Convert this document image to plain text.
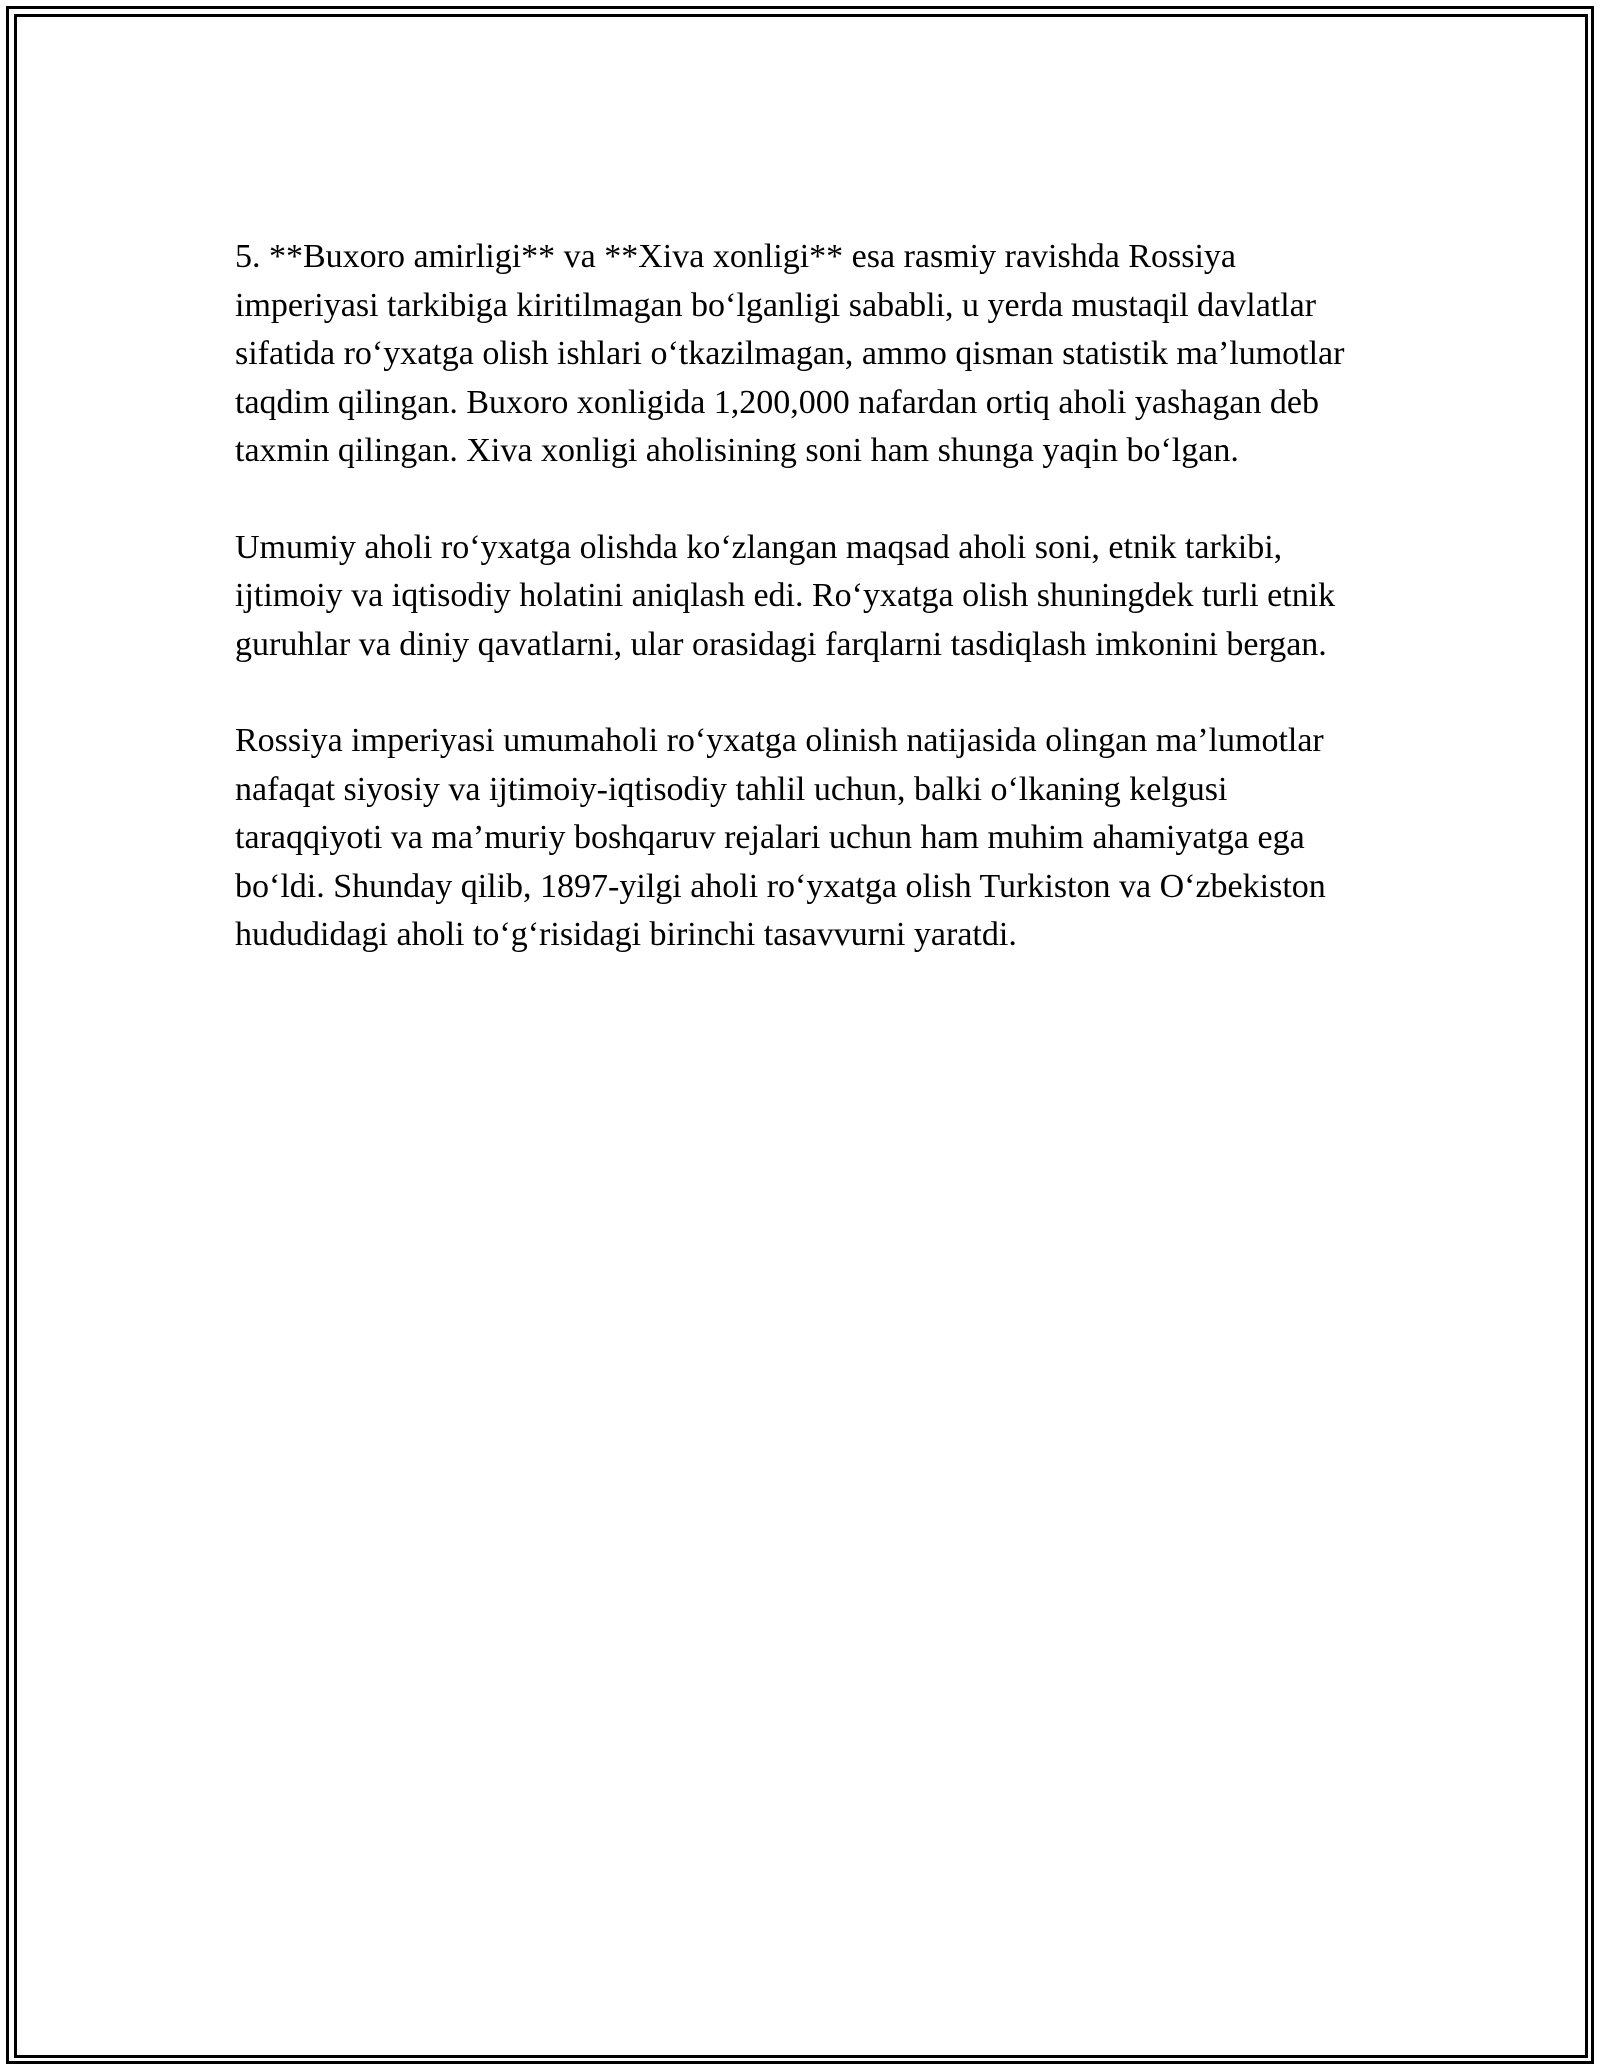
5. **Buxoro amirligi** va **Xiva xonligi** esa rasmiy ravishda Rossiya imperiyasi tarkibiga kiritilmagan bo‘lganligi sababli, u yerda mustaqil davlatlar sifatida ro‘yxatga olish ishlari o‘tkazilmagan, ammo qisman statistik ma’lumotlar taqdim qilingan. Buxoro xonligida 1,200,000 nafardan ortiq aholi yashagan deb taxmin qilingan. Xiva xonligi aholisining soni ham shunga yaqin bo‘lgan.

Umumiy aholi ro‘yxatga olishda ko‘zlangan maqsad aholi soni, etnik tarkibi, ijtimoiy va iqtisodiy holatini aniqlash edi. Ro‘yxatga olish shuningdek turli etnik guruhlar va diniy qavatlarni, ular orasidagi farqlarni tasdiqlash imkonini bergan.

Rossiya imperiyasi umumaholi ro‘yxatga olinish natijasida olingan ma’lumotlar nafaqat siyosiy va ijtimoiy-iqtisodiy tahlil uchun, balki o‘lkaning kelgusi taraqqiyoti va ma’muriy boshqaruv rejalari uchun ham muhim ahamiyatga ega bo‘ldi. Shunday qilib, 1897-yilgi aholi ro‘yxatga olish Turkiston va O‘zbekiston hududidagi aholi to‘g‘risidagi birinchi tasavvurni yaratdi.
